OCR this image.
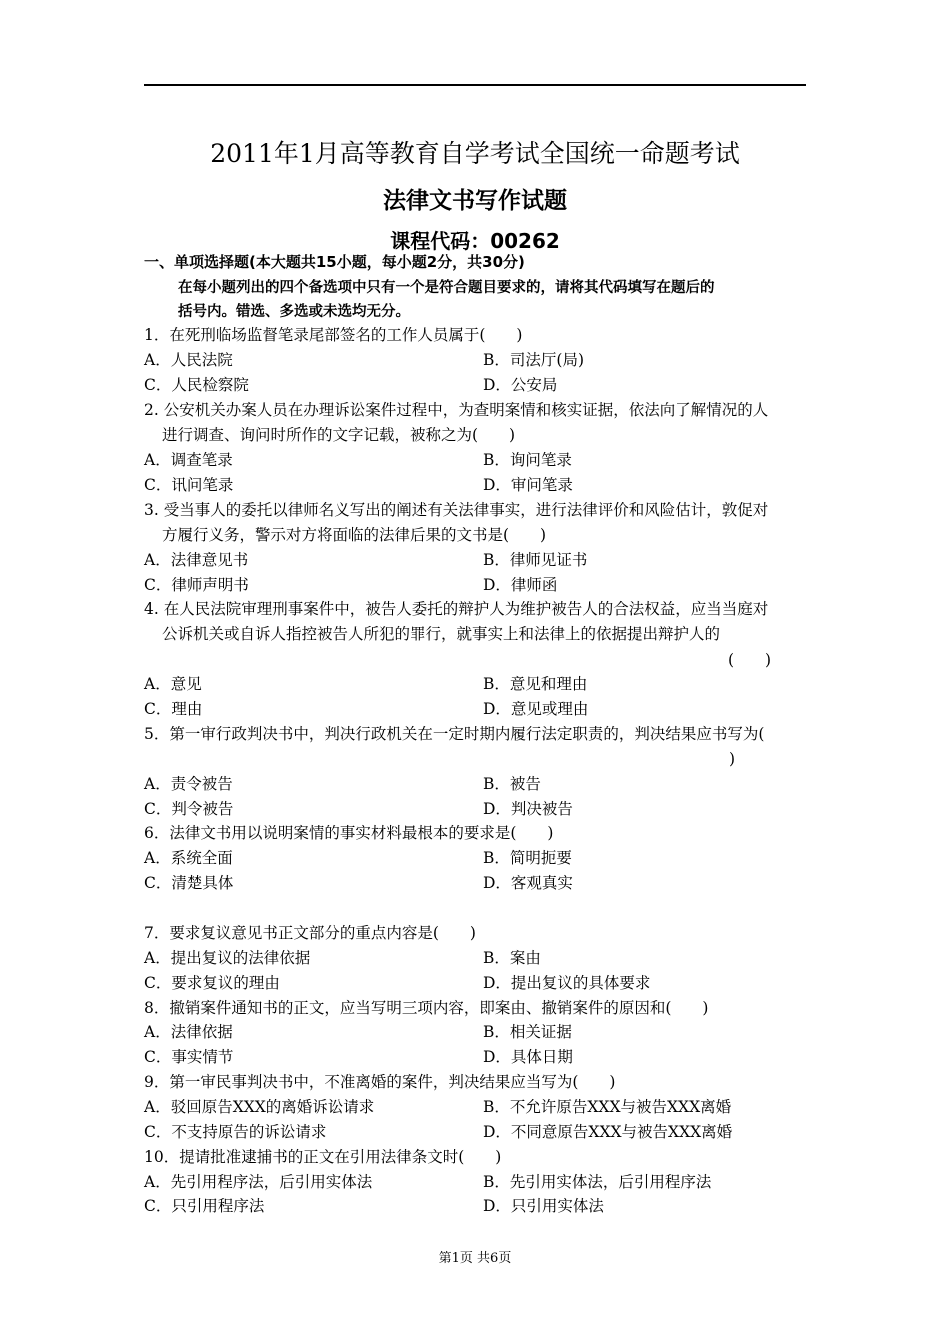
2011年1月高等教育自学考试全国统一命题考试
法律文书写作试题
课程代码：00262
一、单项选择题(本大题共15小题，每小题2分，共30分)
在每小题列出的四个备选项中只有一个是符合题目要求的，请将其代码填写在题后的
括号内。错选、多选或未选均无分。
1．在死刑临场监督笔录尾部签名的工作人员属于(　　)
A．人民法院	B．司法厅(局)
C．人民检察院	D．公安局
2. 公安机关办案人员在办理诉讼案件过程中，为查明案情和核实证据，依法向了解情况的人
进行调查、询问时所作的文字记载，被称之为(　　)
A．调查笔录	B．询问笔录
C．讯问笔录	D．审问笔录
3. 受当事人的委托以律师名义写出的阐述有关法律事实，进行法律评价和风险估计，敦促对
方履行义务，警示对方将面临的法律后果的文书是(　　)
A．法律意见书	B．律师见证书
C．律师声明书	D．律师函
4. 在人民法院审理刑事案件中，被告人委托的辩护人为维护被告人的合法权益，应当当庭对
公诉机关或自诉人指控被告人所犯的罪行，就事实上和法律上的依据提出辩护人的
(　　)
A．意见	B．意见和理由
C．理由	D．意见或理由
5．第一审行政判决书中，判决行政机关在一定时期内履行法定职责的，判决结果应书写为(
)
A．责令被告	B．被告
C．判令被告	D．判决被告
6．法律文书用以说明案情的事实材料最根本的要求是(　　)
A．系统全面	B．简明扼要
C．清楚具体	D．客观真实
7．要求复议意见书正文部分的重点内容是(　　)
A．提出复议的法律依据	B．案由
C．要求复议的理由	D．提出复议的具体要求
8．撤销案件通知书的正文，应当写明三项内容，即案由、撤销案件的原因和(　　)
A．法律依据	B．相关证据
C．事实情节	D．具体日期
9．第一审民事判决书中，不准离婚的案件，判决结果应当写为(　　)
A．驳回原告XXX的离婚诉讼请求	B．不允许原告XXX与被告XXX离婚
C．不支持原告的诉讼请求	D．不同意原告XXX与被告XXX离婚
10．提请批准逮捕书的正文在引用法律条文时(　　)
A．先引用程序法，后引用实体法	B．先引用实体法，后引用程序法
C．只引用程序法	D．只引用实体法
第1页 共6页
